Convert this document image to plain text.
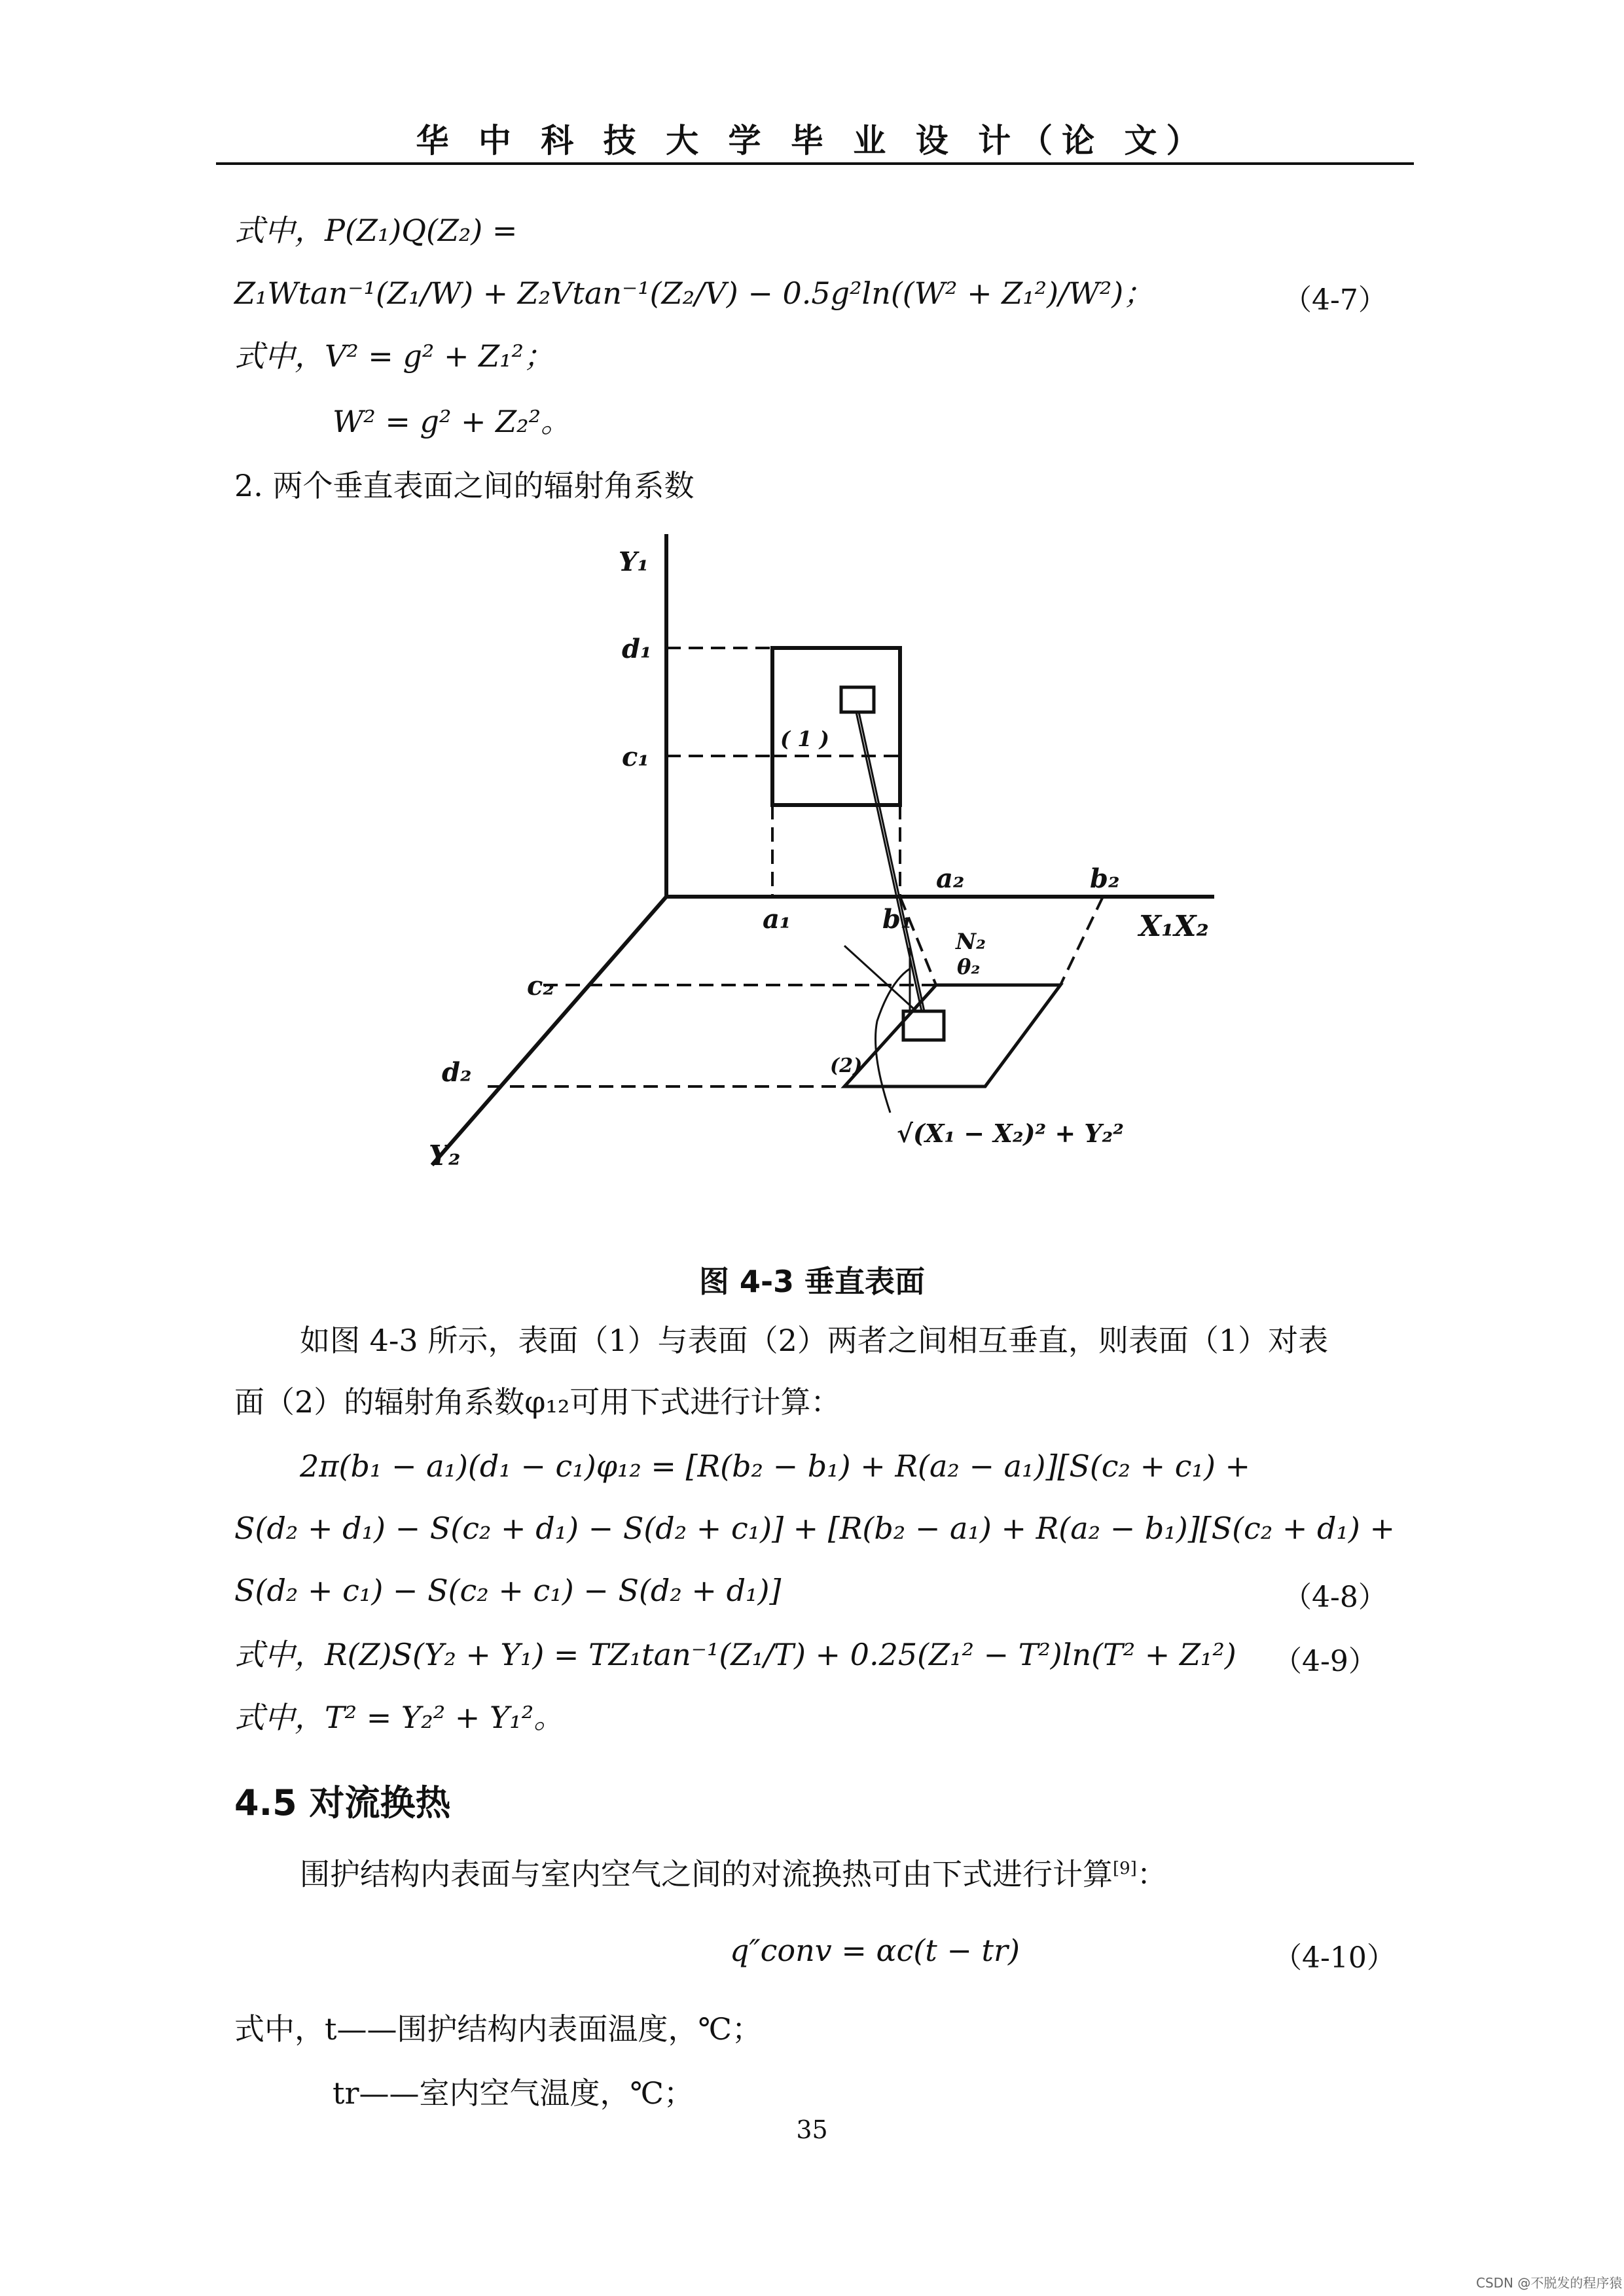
华 中 科 技 大 学 毕 业 设 计（论 文）
式中，P(Z₁)Q(Z₂) =
Z₁Wtan⁻¹(Z₁/W) + Z₂Vtan⁻¹(Z₂/V) − 0.5g²ln((W² + Z₁²)/W²)；	（4-7）
式中，V² = g² + Z₁²；
W² = g² + Z₂²。
2. 两个垂直表面之间的辐射角系数
Y₁
d₁
c₁
( 1 )
a₁	b₁
a₂	b₂
X₁X₂
N₂
θ₂
c₂
d₂
Y₂
(2)
√(X₁ − X₂)² + Y₂²
图 4-3 垂直表面
如图 4-3 所示，表面（1）与表面（2）两者之间相互垂直，则表面（1）对表
面（2）的辐射角系数φ₁₂可用下式进行计算：
2π(b₁ − a₁)(d₁ − c₁)φ₁₂ = [R(b₂ − b₁) + R(a₂ − a₁)][S(c₂ + c₁) +
S(d₂ + d₁) − S(c₂ + d₁) − S(d₂ + c₁)] + [R(b₂ − a₁) + R(a₂ − b₁)][S(c₂ + d₁) +
S(d₂ + c₁) − S(c₂ + c₁) − S(d₂ + d₁)]	（4-8）
式中，R(Z)S(Y₂ + Y₁) = TZ₁tan⁻¹(Z₁/T) + 0.25(Z₁² − T²)ln(T² + Z₁²) （4-9）
式中，T² = Y₂² + Y₁²。
4.5 对流换热
围护结构内表面与室内空气之间的对流换热可由下式进行计算[9]：
q″conv = αc(t − tr)	（4-10）
式中，t——围护结构内表面温度，℃；
tr——室内空气温度，℃；
35
CSDN @不脱发的程序猿
